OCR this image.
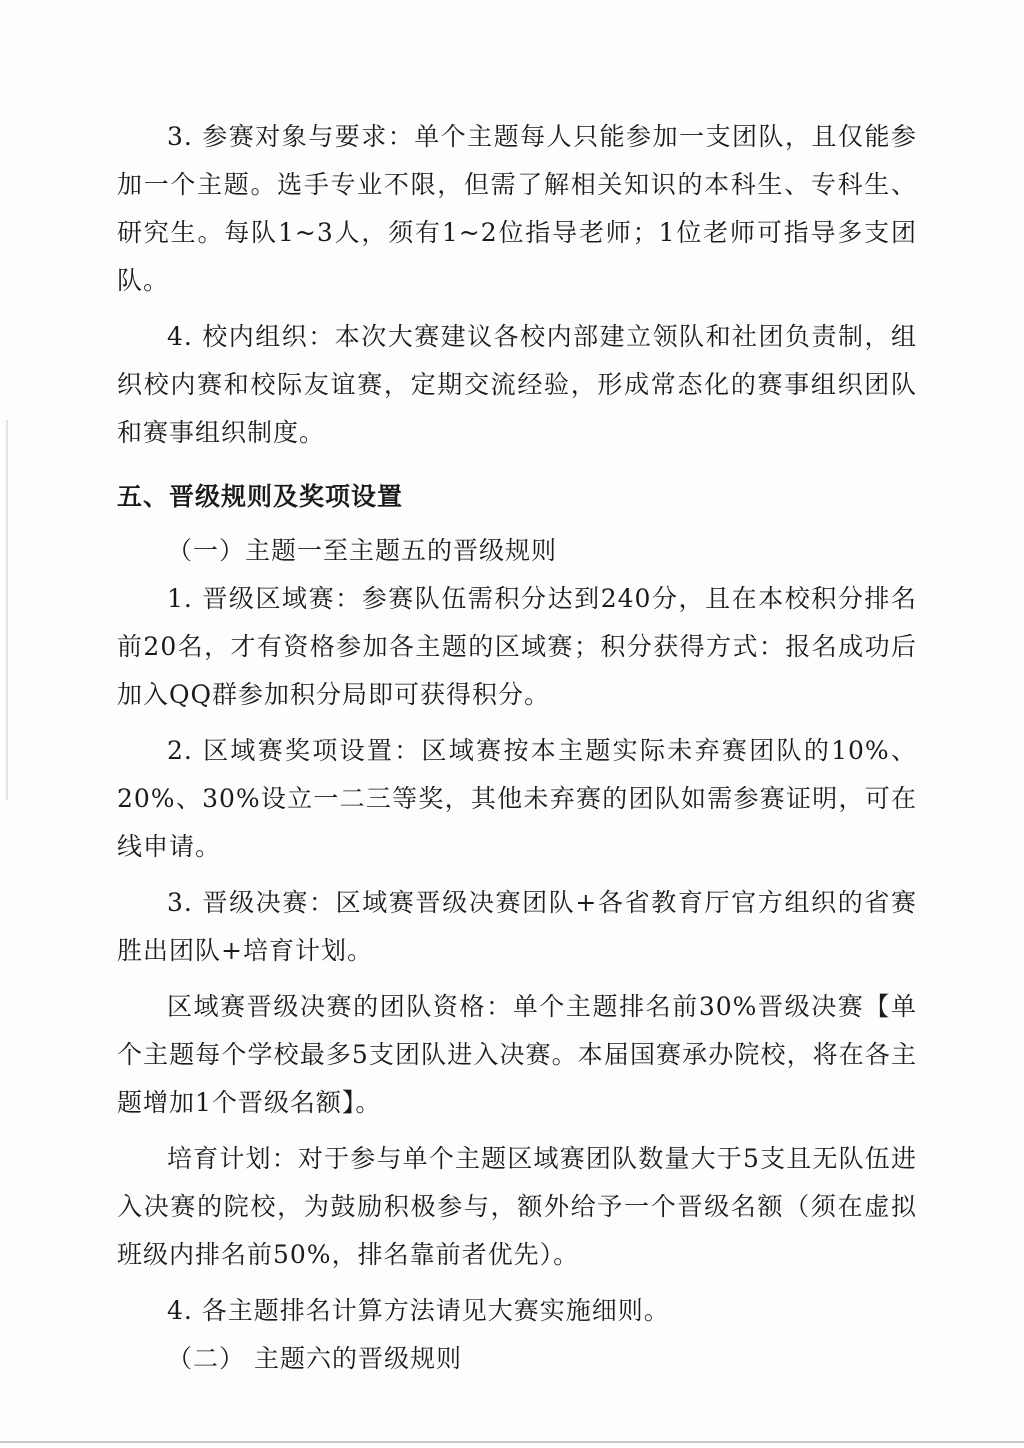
3. 参赛对象与要求：单个主题每人只能参加一支团队，且仅能参加一个主题。选手专业不限，但需了解相关知识的本科生、专科生、研究生。每队1~3人，须有1~2位指导老师；1位老师可指导多支团队。

4. 校内组织：本次大赛建议各校内部建立领队和社团负责制，组织校内赛和校际友谊赛，定期交流经验，形成常态化的赛事组织团队和赛事组织制度。

五、晋级规则及奖项设置

（一）主题一至主题五的晋级规则

1. 晋级区域赛：参赛队伍需积分达到240分，且在本校积分排名前20名，才有资格参加各主题的区域赛；积分获得方式：报名成功后加入QQ群参加积分局即可获得积分。

2. 区域赛奖项设置：区域赛按本主题实际未弃赛团队的10%、20%、30%设立一二三等奖，其他未弃赛的团队如需参赛证明，可在线申请。

3. 晋级决赛：区域赛晋级决赛团队+各省教育厅官方组织的省赛胜出团队+培育计划。

区域赛晋级决赛的团队资格：单个主题排名前30%晋级决赛【单个主题每个学校最多5支团队进入决赛。本届国赛承办院校，将在各主题增加1个晋级名额】。

培育计划：对于参与单个主题区域赛团队数量大于5支且无队伍进入决赛的院校，为鼓励积极参与，额外给予一个晋级名额（须在虚拟班级内排名前50%，排名靠前者优先）。

4. 各主题排名计算方法请见大赛实施细则。

（二） 主题六的晋级规则
